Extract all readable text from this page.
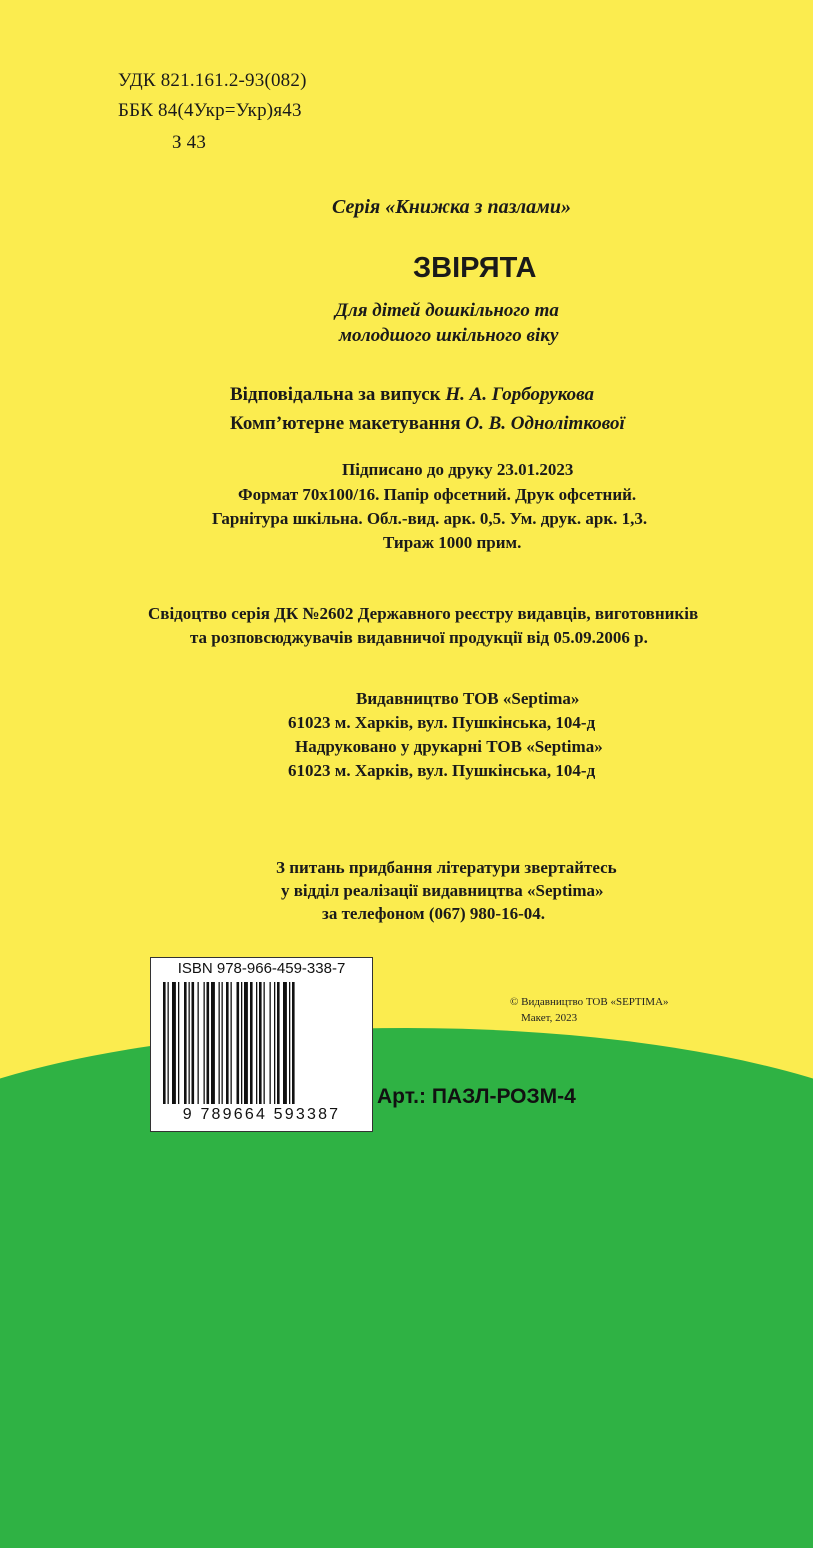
УДК 821.161.2-93(082)
ББК 84(4Укр=Укр)я43
З 43
Серія «Книжка з пазлами»
ЗВІРЯТА
Для дітей дошкільного та
молодшого шкільного віку
Відповідальна за випуск Н. А. Горборукова
Комп’ютерне макетування О. В. Одноліткової
Підписано до друку 23.01.2023
Формат 70х100/16. Папір офсетний. Друк офсетний.
Гарнітура шкільна. Обл.-вид. арк. 0,5. Ум. друк. арк. 1,3.
Тираж 1000 прим.
Свідоцтво серія ДК №2602 Державного реєстру видавців, виготовників
та розповсюджувачів видавничої продукції від 05.09.2006 р.
Видавництво ТОВ «Septima»
61023 м. Харків, вул. Пушкінська, 104-д
Надруковано у друкарні ТОВ «Septima»
61023 м. Харків, вул. Пушкінська, 104-д
З питань придбання літератури звертайтесь
у відділ реалізації видавництва «Septima»
за телефоном (067) 980-16-04.
ISBN 978-966-459-338-7
9 789664 593387
© Видавництво ТОВ «SEPTIMA»
Макет, 2023
Арт.: ПАЗЛ-РОЗМ-4
